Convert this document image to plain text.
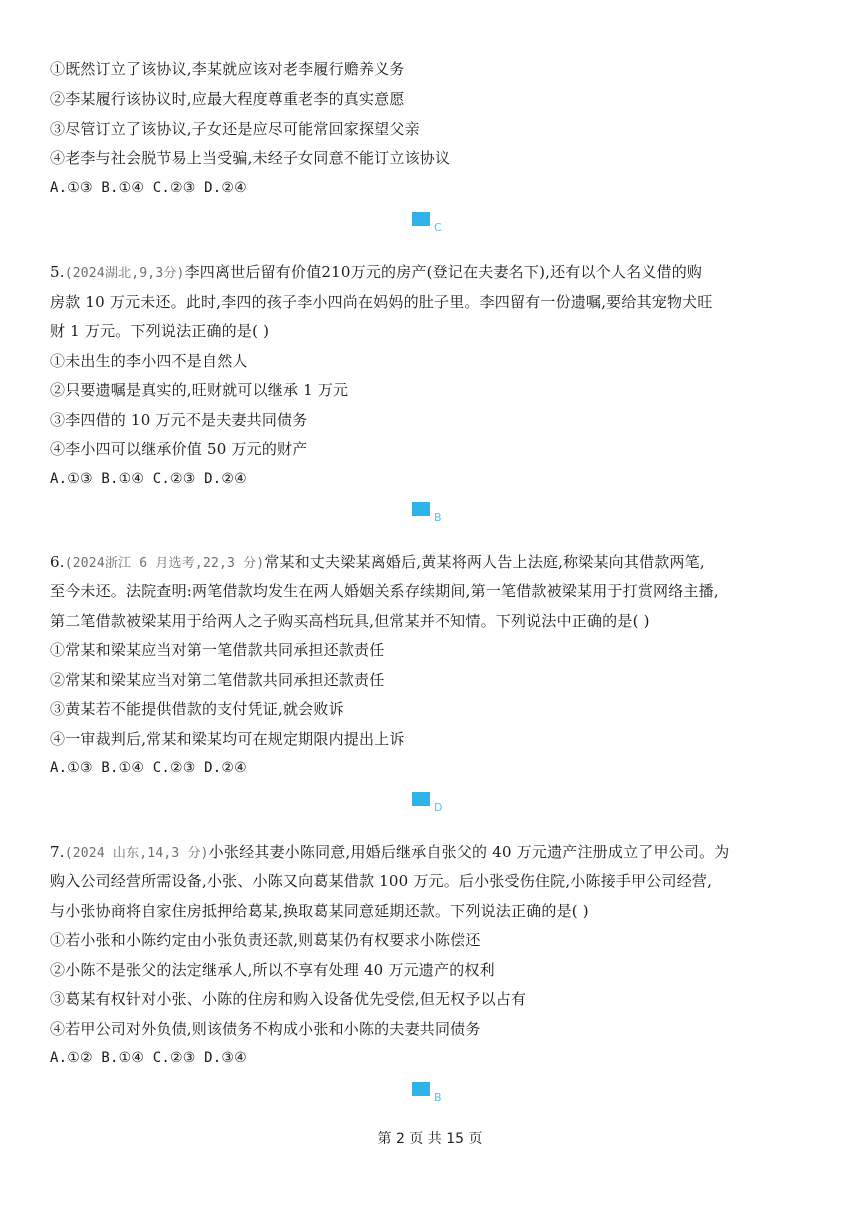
①既然订立了该协议,李某就应该对老李履行赡养义务
②李某履行该协议时,应最大程度尊重老李的真实意愿
③尽管订立了该协议,子女还是应尽可能常回家探望父亲
④老李与社会脱节易上当受骗,未经子女同意不能订立该协议
A.①③ B.①④ C.②③ D.②④
C
5.(2024湖北,9,3分)李四离世后留有价值210万元的房产(登记在夫妻名下),还有以个人名义借的购
房款 10 万元未还。此时,李四的孩子李小四尚在妈妈的肚子里。李四留有一份遗嘱,要给其宠物犬旺
财 1 万元。下列说法正确的是( )
①未出生的李小四不是自然人
②只要遗嘱是真实的,旺财就可以继承 1 万元
③李四借的 10 万元不是夫妻共同债务
④李小四可以继承价值 50 万元的财产
A.①③ B.①④ C.②③ D.②④
B
6.(2024浙江 6 月选考,22,3 分)常某和丈夫梁某离婚后,黄某将两人告上法庭,称梁某向其借款两笔,
至今未还。法院查明:两笔借款均发生在两人婚姻关系存续期间,第一笔借款被梁某用于打赏网络主播,
第二笔借款被梁某用于给两人之子购买高档玩具,但常某并不知情。下列说法中正确的是( )
①常某和梁某应当对第一笔借款共同承担还款责任
②常某和梁某应当对第二笔借款共同承担还款责任
③黄某若不能提供借款的支付凭证,就会败诉
④一审裁判后,常某和梁某均可在规定期限内提出上诉
A.①③ B.①④ C.②③ D.②④
D
7.(2024 山东,14,3 分)小张经其妻小陈同意,用婚后继承自张父的 40 万元遗产注册成立了甲公司。为
购入公司经营所需设备,小张、小陈又向葛某借款 100 万元。后小张受伤住院,小陈接手甲公司经营,
与小张协商将自家住房抵押给葛某,换取葛某同意延期还款。下列说法正确的是( )
①若小张和小陈约定由小张负责还款,则葛某仍有权要求小陈偿还
②小陈不是张父的法定继承人,所以不享有处理 40 万元遗产的权利
③葛某有权针对小张、小陈的住房和购入设备优先受偿,但无权予以占有
④若甲公司对外负债,则该债务不构成小张和小陈的夫妻共同债务
A.①② B.①④ C.②③ D.③④
B
第 2 页 共 15 页
